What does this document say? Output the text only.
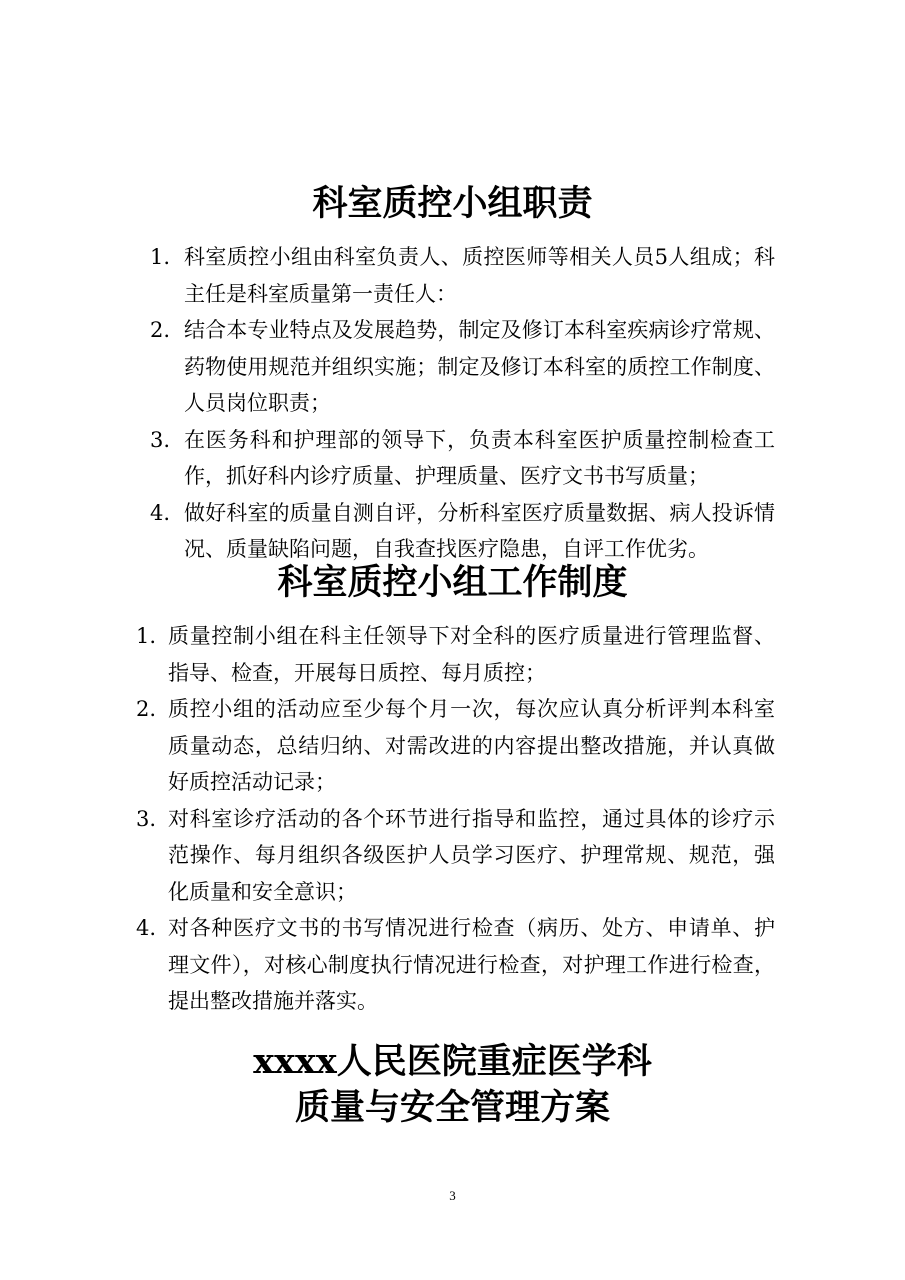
科室质控小组职责
1. 科室质控小组由科室负责人、质控医师等相关人员5人组成；科主任是科室质量第一责任人：
2. 结合本专业特点及发展趋势，制定及修订本科室疾病诊疗常规、药物使用规范并组织实施；制定及修订本科室的质控工作制度、人员岗位职责；
3. 在医务科和护理部的领导下，负责本科室医护质量控制检查工作，抓好科内诊疗质量、护理质量、医疗文书书写质量；
4. 做好科室的质量自测自评，分析科室医疗质量数据、病人投诉情况、质量缺陷问题，自我查找医疗隐患，自评工作优劣。
科室质控小组工作制度
1. 质量控制小组在科主任领导下对全科的医疗质量进行管理监督、指导、检查，开展每日质控、每月质控；
2. 质控小组的活动应至少每个月一次，每次应认真分析评判本科室质量动态，总结归纳、对需改进的内容提出整改措施，并认真做好质控活动记录；
3. 对科室诊疗活动的各个环节进行指导和监控，通过具体的诊疗示范操作、每月组织各级医护人员学习医疗、护理常规、规范，强化质量和安全意识；
4. 对各种医疗文书的书写情况进行检查（病历、处方、申请单、护理文件），对核心制度执行情况进行检查，对护理工作进行检查，提出整改措施并落实。
xxxx人民医院重症医学科
质量与安全管理方案
3
